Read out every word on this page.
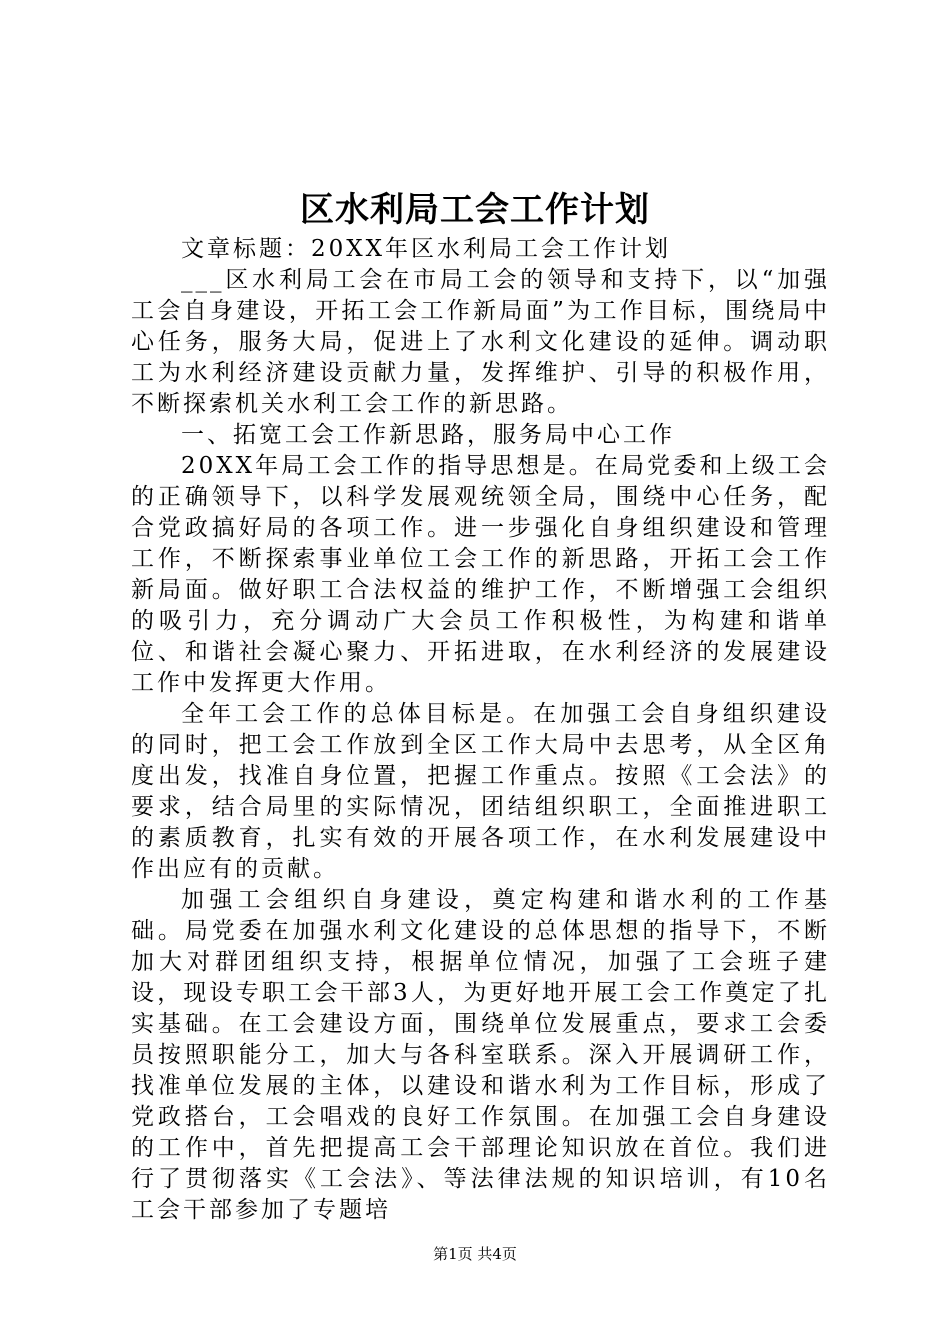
区水利局工会工作计划

文章标题：20XX年区水利局工会工作计划

___区水利局工会在市局工会的领导和支持下，以“加强工会自身建设，开拓工会工作新局面”为工作目标，围绕局中心任务，服务大局，促进上了水利文化建设的延伸。调动职工为水利经济建设贡献力量，发挥维护、引导的积极作用，不断探索机关水利工会工作的新思路。

一、拓宽工会工作新思路，服务局中心工作

20XX年局工会工作的指导思想是。在局党委和上级工会的正确领导下，以科学发展观统领全局，围绕中心任务，配合党政搞好局的各项工作。进一步强化自身组织建设和管理工作，不断探索事业单位工会工作的新思路，开拓工会工作新局面。做好职工合法权益的维护工作，不断增强工会组织的吸引力，充分调动广大会员工作积极性，为构建和谐单位、和谐社会凝心聚力、开拓进取，在水利经济的发展建设工作中发挥更大作用。

全年工会工作的总体目标是。在加强工会自身组织建设的同时，把工会工作放到全区工作大局中去思考，从全区角度出发，找准自身位置，把握工作重点。按照《工会法》的要求，结合局里的实际情况，团结组织职工，全面推进职工的素质教育，扎实有效的开展各项工作，在水利发展建设中作出应有的贡献。

加强工会组织自身建设，奠定构建和谐水利的工作基础。局党委在加强水利文化建设的总体思想的指导下，不断加大对群团组织支持，根据单位情况，加强了工会班子建设，现设专职工会干部3人，为更好地开展工会工作奠定了扎实基础。在工会建设方面，围绕单位发展重点，要求工会委员按照职能分工，加大与各科室联系。深入开展调研工作，找准单位发展的主体，以建设和谐水利为工作目标，形成了党政搭台，工会唱戏的良好工作氛围。在加强工会自身建设的工作中，首先把提高工会干部理论知识放在首位。我们进行了贯彻落实《工会法》、等法律法规的知识培训，有10名工会干部参加了专题培

第1页 共4页
